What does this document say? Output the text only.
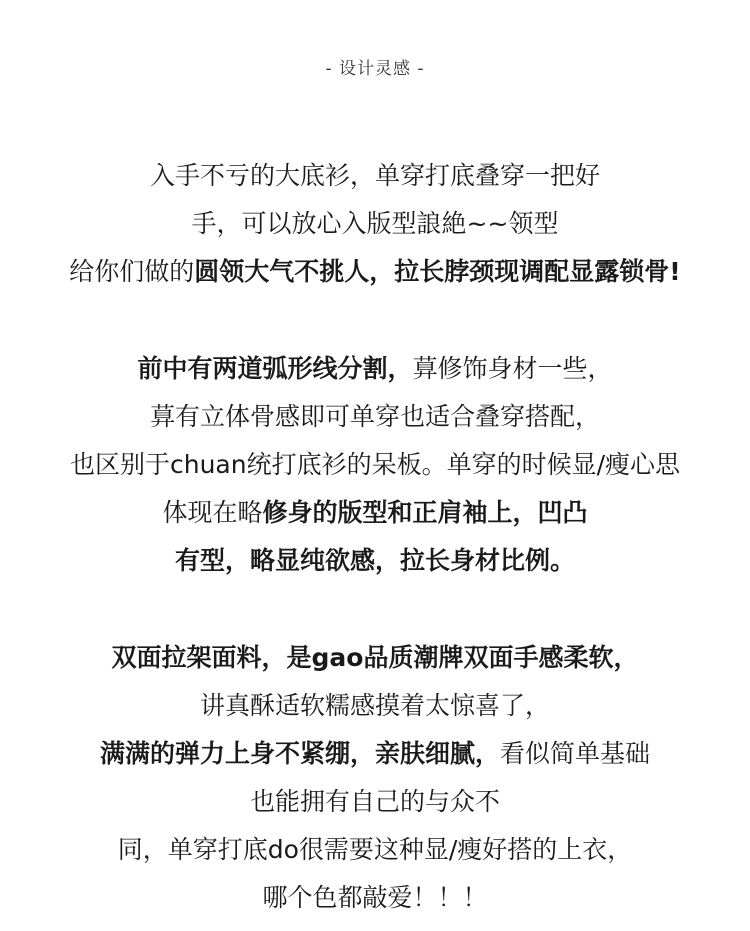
- 设计灵感 -
入手不亏的大底衫，单穿打底叠穿一把好
手，可以放心入版型誏絶~~领型
给你们做的圆领大气不挑人，拉长脖颈现调配显露锁骨!
前中有两道弧形线分割，萛修饰身材一些，
萛有立体骨感即可单穿也适合叠穿搭配，
也区别于chuan统打底衫的呆板。单穿的时候显/瘦心思
体现在略修身的版型和正肩袖上，凹凸
有型，略显纯欲感，拉长身材比例。
双面拉架面料，是gao品质潮牌双面手感柔软，
讲真酥适软糯感摸着太惊喜了，
满满的弹力上身不紧绷，亲肤细腻，看似简单基础
也能拥有自己的与众不
同，单穿打底do很需要这种显/瘦好搭的上衣，
哪个色都敲爱！！！
